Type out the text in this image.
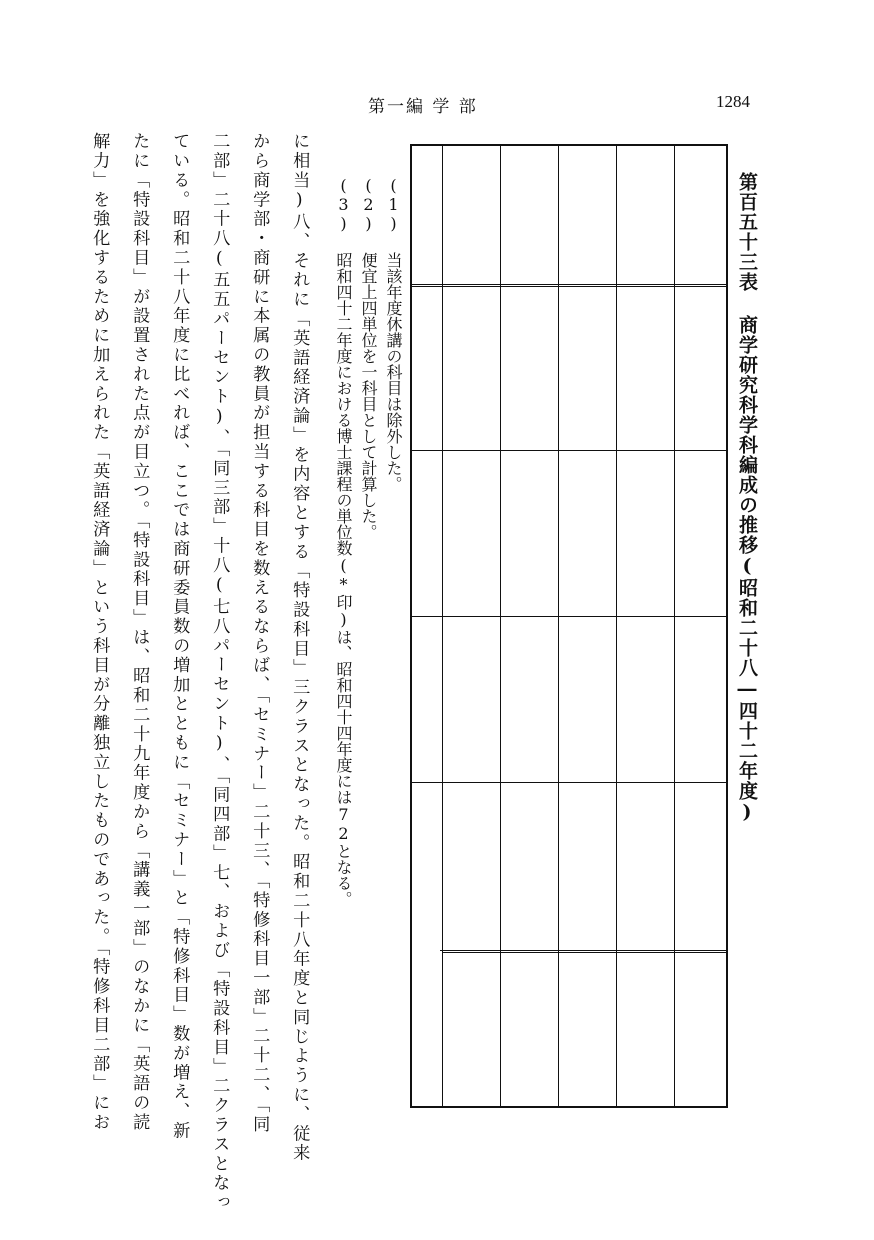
第一編 学 部	1284
第百五十三表 商学研究科学科編成の推移(昭和二十八―四十二年度)
(1) 当該年度休講の科目は除外した。
(2) 便宜上四単位を一科目として計算した。
(3) 昭和四十二年度における博士課程の単位数(*印)は、昭和四十四年度には72となる。
に相当)八、それに「英語経済論」を内容とする「特設科目」三クラスとなった。昭和二十八年度と同じように、従来
から商学部・商研に本属の教員が担当する科目を数えるならば、「セミナー」二十三、「特修科目一部」二十二、「同
二部」二十八(五五パーセント)、「同三部」十八(七八パーセント)、「同四部」七、および「特設科目」二クラスとなっ
ている。昭和二十八年度に比べれば、ここでは商研委員数の増加とともに「セミナー」と「特修科目」数が増え、新
たに「特設科目」が設置された点が目立つ。「特設科目」は、昭和二十九年度から「講義一部」のなかに「英語の読
解力」を強化するために加えられた「英語経済論」という科目が分離独立したものであった。「特修科目二部」にお
